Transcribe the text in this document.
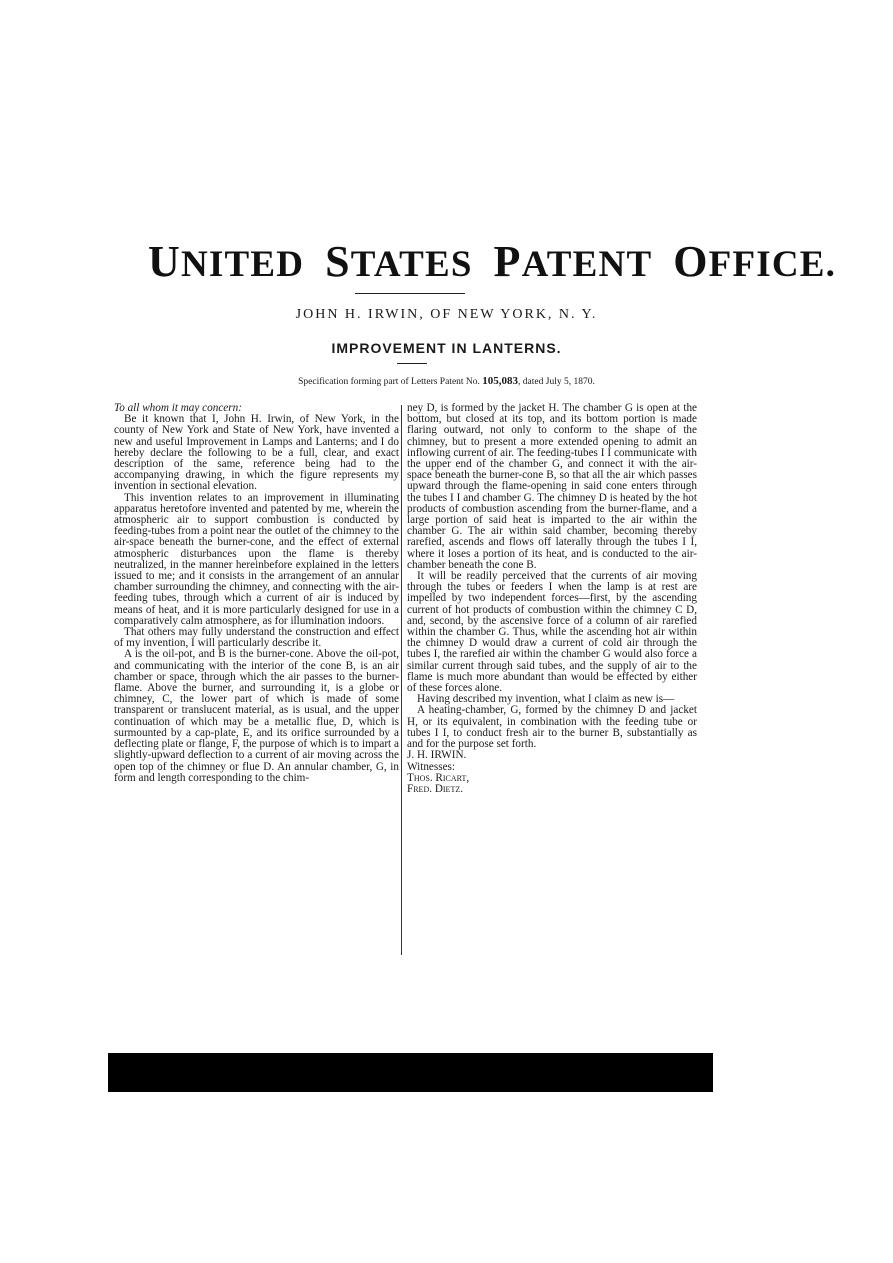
UNITED STATES PATENT OFFICE.
JOHN H. IRWIN, OF NEW YORK, N. Y.
IMPROVEMENT IN LANTERNS.
Specification forming part of Letters Patent No. 105,083, dated July 5, 1870.

To all whom it may concern:

Be it known that I, John H. Irwin, of New York, in the county of New York and State of New York, have invented a new and useful Improvement in Lamps and Lanterns; and I do hereby declare the following to be a full, clear, and exact description of the same, reference being had to the accompanying drawing, in which the figure represents my invention in sectional elevation.

This invention relates to an improvement in illuminating apparatus heretofore invented and patented by me, wherein the atmospheric air to support combustion is conducted by feeding-tubes from a point near the outlet of the chimney to the air-space beneath the burner-cone, and the effect of external atmospheric disturbances upon the flame is thereby neutralized, in the manner hereinbefore explained in the letters issued to me; and it consists in the arrangement of an annular chamber surrounding the chimney, and connecting with the air-feeding tubes, through which a current of air is induced by means of heat, and it is more particularly designed for use in a comparatively calm atmosphere, as for illumination indoors.

That others may fully understand the construction and effect of my invention, I will particularly describe it.

A is the oil-pot, and B is the burner-cone. Above the oil-pot, and communicating with the interior of the cone B, is an air chamber or space, through which the air passes to the burner-flame. Above the burner, and surrounding it, is a globe or chimney, C, the lower part of which is made of some transparent or translucent material, as is usual, and the upper continuation of which may be a metallic flue, D, which is surmounted by a cap-plate, E, and its orifice surrounded by a deflecting plate or flange, F, the purpose of which is to impart a slightly-upward deflection to a current of air moving across the open top of the chimney or flue D. An annular chamber, G, in form and length corresponding to the chim-

ney D, is formed by the jacket H. The chamber G is open at the bottom, but closed at its top, and its bottom portion is made flaring outward, not only to conform to the shape of the chimney, but to present a more extended opening to admit an inflowing current of air. The feeding-tubes I I communicate with the upper end of the chamber G, and connect it with the air-space beneath the burner-cone B, so that all the air which passes upward through the flame-opening in said cone enters through the tubes I I and chamber G. The chimney D is heated by the hot products of combustion ascending from the burner-flame, and a large portion of said heat is imparted to the air within the chamber G. The air within said chamber, becoming thereby rarefied, ascends and flows off laterally through the tubes I I, where it loses a portion of its heat, and is conducted to the air-chamber beneath the cone B.

It will be readily perceived that the currents of air moving through the tubes or feeders I when the lamp is at rest are impelled by two independent forces—first, by the ascending current of hot products of combustion within the chimney C D, and, second, by the ascensive force of a column of air rarefied within the chamber G. Thus, while the ascending hot air within the chimney D would draw a current of cold air through the tubes I, the rarefied air within the chamber G would also force a similar current through said tubes, and the supply of air to the flame is much more abundant than would be effected by either of these forces alone.

Having described my invention, what I claim as new is—

A heating-chamber, G, formed by the chimney D and jacket H, or its equivalent, in combination with the feeding tube or tubes I I, to conduct fresh air to the burner B, substantially as and for the purpose set forth.

J. H. IRWIN.

Witnesses:

Thos. Ricart,

Fred. Dietz.
